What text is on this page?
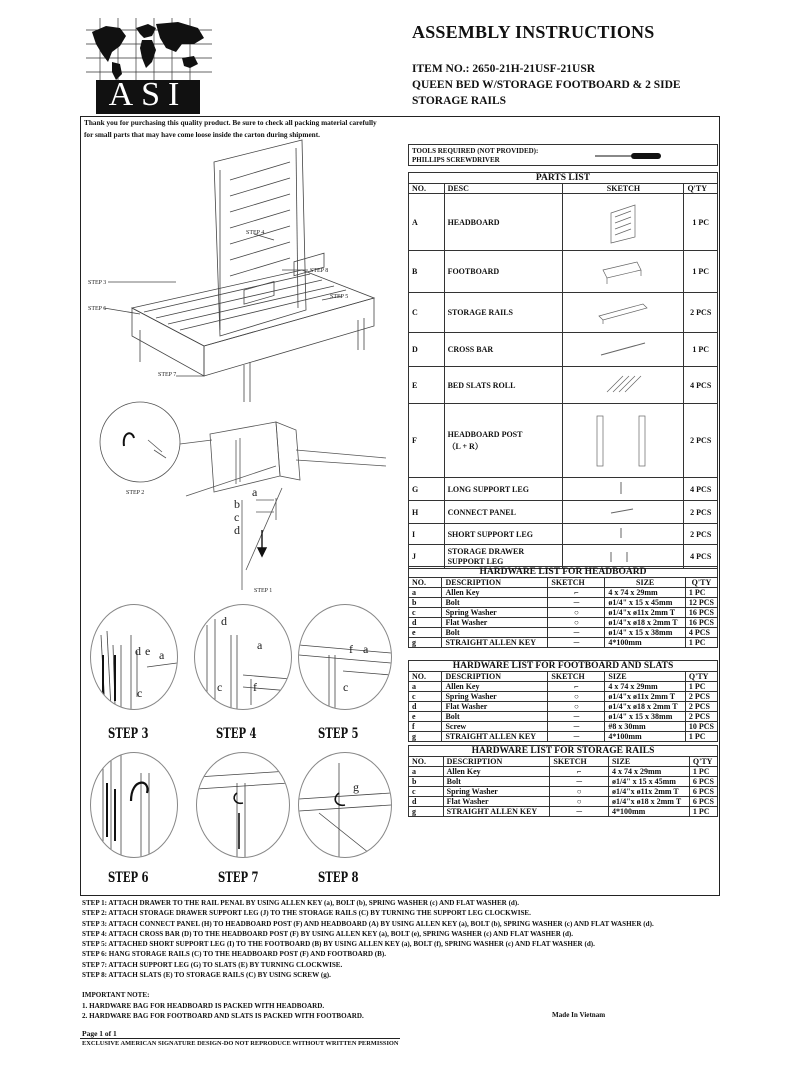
ASI
ASSEMBLY INSTRUCTIONS
ITEM NO.: 2650-21H-21USF-21USR
QUEEN BED W/STORAGE FOOTBOARD & 2 SIDE
STORAGE RAILS
Thank you for purchasing this quality product. Be sure to check all packing material carefully
for small parts that may have come loose inside the carton during shipment.
STEP 3
STEP 4
STEP 8
STEP 5
STEP 6
STEP 7
STEP 2	a
b
c
d
STEP 1
d e a
c
STEP 3
d
a
c	f
STEP 4
f a
c
STEP 5
STEP 6	STEP 7
g
STEP 8
TOOLS REQUIRED (NOT PROVIDED):
PHILLIPS SCREWDRIVER
PARTS LIST			
NO.	DESC	SKETCH	Q'TY
A	HEADBOARD		1 PC
B	FOOTBOARD		1 PC
C	STORAGE RAILS		2 PCS
D	CROSS BAR		1 PC
E	BED SLATS ROLL		4 PCS
F	HEADBOARD POST
（L + R）		2 PCS
G	LONG SUPPORT LEG		4 PCS
H	CONNECT PANEL		2 PCS
I	SHORT SUPPORT LEG		2 PCS
J	STORAGE DRAWER
SUPPORT LEG		4 PCS
HARDWARE LIST FOR HEADBOARD				
NO.	DESCRIPTION	SKETCH	SIZE	Q'TY
a	Allen Key	⌐	4 x 74 x 29mm	1 PC
b	Bolt	─	ø1/4" x 15 x 45mm	12 PCS
c	Spring Washer	○	ø1/4"x ø11x 2mm T	16 PCS
d	Flat Washer	○	ø1/4"x ø18 x 2mm T	16 PCS
e	Bolt	─	ø1/4" x 15 x 38mm	4 PCS
g	STRAIGHT ALLEN KEY	─	4*100mm	1 PC
HARDWARE LIST FOR FOOTBOARD AND SLATS				
NO.	DESCRIPTION	SKETCH	SIZE	Q'TY
a	Allen Key	⌐	4 x 74 x 29mm	1 PC
c	Spring Washer	○	ø1/4"x ø11x 2mm T	2 PCS
d	Flat Washer	○	ø1/4"x ø18 x 2mm T	2 PCS
e	Bolt	─	ø1/4" x 15 x 38mm	2 PCS
f	Screw	─	#8 x 30mm	10 PCS
g	STRAIGHT ALLEN KEY	─	4*100mm	1 PC
HARDWARE LIST FOR STORAGE RAILS				
NO.	DESCRIPTION	SKETCH	SIZE	Q'TY
a	Allen Key	⌐	4 x 74 x 29mm	1 PC
b	Bolt	─	ø1/4" x 15 x 45mm	6 PCS
c	Spring Washer	○	ø1/4"x ø11x 2mm T	6 PCS
d	Flat Washer	○	ø1/4"x ø18 x 2mm T	6 PCS
g	STRAIGHT ALLEN KEY	─	4*100mm	1 PC
STEP 1: ATTACH DRAWER TO THE RAIL PENAL BY USING ALLEN KEY (a), BOLT (b), SPRING WASHER (c) AND FLAT WASHER (d).
STEP 2: ATTACH STORAGE DRAWER SUPPORT LEG (J) TO THE STORAGE RAILS (C) BY TURNING THE SUPPORT LEG CLOCKWISE.
STEP 3: ATTACH CONNECT PANEL (H) TO HEADBOARD POST (F) AND HEADBOARD (A) BY USING ALLEN KEY (a), BOLT (b), SPRING WASHER (c) AND FLAT WASHER (d).
STEP 4: ATTACH CROSS BAR (D) TO THE HEADBOARD POST (F) BY USING ALLEN KEY (a), BOLT (e), SPRING WASHER (c) AND FLAT WASHER (d).
STEP 5: ATTACHED SHORT SUPPORT LEG (I) TO THE FOOTBOARD (B) BY USING ALLEN KEY (a), BOLT (f), SPRING WASHER (c) AND FLAT WASHER (d).
STEP 6: HANG STORAGE RAILS (C) TO THE HEADBOARD POST (F) AND FOOTBOARD (B).
STEP 7: ATTACH SUPPORT LEG (G) TO SLATS (E) BY TURNING CLOCKWISE.
STEP 8: ATTACH SLATS (E) TO STORAGE RAILS (C) BY USING SCREW (g).
IMPORTANT NOTE:
1. HARDWARE BAG FOR HEADBOARD IS PACKED WITH HEADBOARD.
2. HARDWARE BAG FOR FOOTBOARD AND SLATS IS PACKED WITH FOOTBOARD.	Made In Vietnam
Page 1 of 1
EXCLUSIVE AMERICAN SIGNATURE DESIGN-DO NOT REPRODUCE WITHOUT WRITTEN PERMISSION
